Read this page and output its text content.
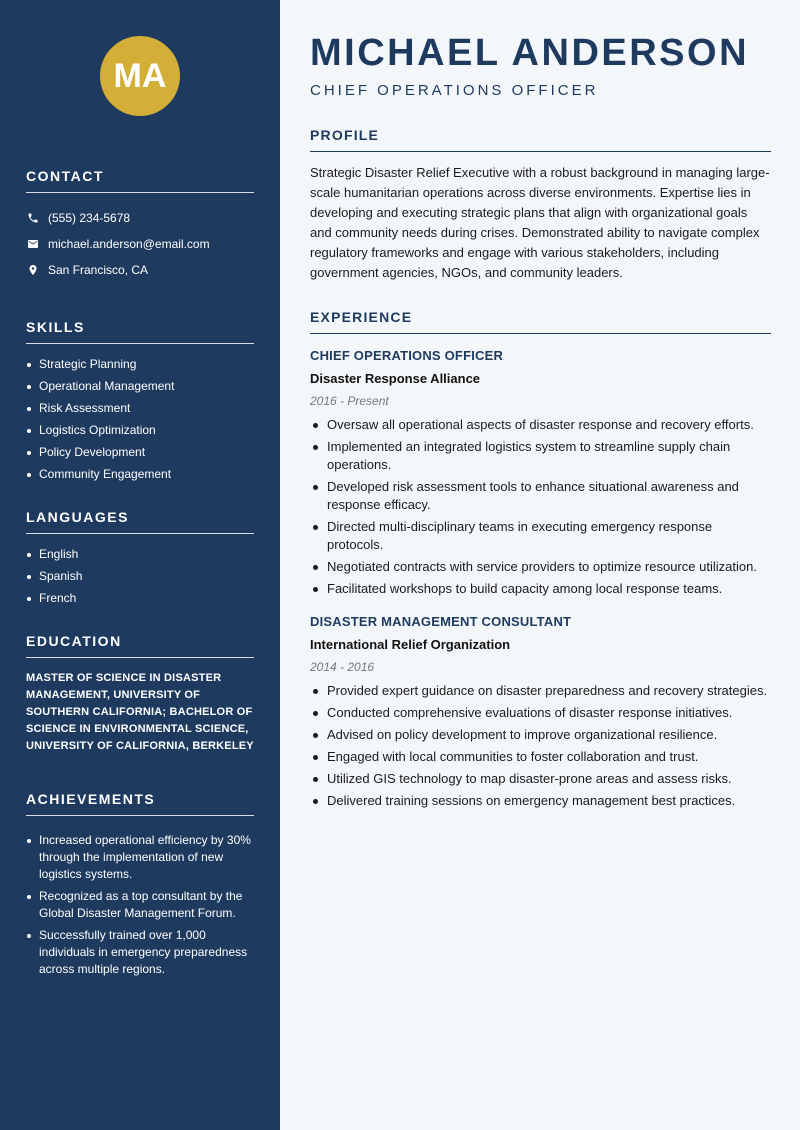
MA
CONTACT
(555) 234-5678
michael.anderson@email.com
San Francisco, CA
SKILLS
Strategic Planning
Operational Management
Risk Assessment
Logistics Optimization
Policy Development
Community Engagement
LANGUAGES
English
Spanish
French
EDUCATION
MASTER OF SCIENCE IN DISASTER MANAGEMENT, UNIVERSITY OF SOUTHERN CALIFORNIA; BACHELOR OF SCIENCE IN ENVIRONMENTAL SCIENCE, UNIVERSITY OF CALIFORNIA, BERKELEY
ACHIEVEMENTS
Increased operational efficiency by 30% through the implementation of new logistics systems.
Recognized as a top consultant by the Global Disaster Management Forum.
Successfully trained over 1,000 individuals in emergency preparedness across multiple regions.
MICHAEL ANDERSON
CHIEF OPERATIONS OFFICER
PROFILE

Strategic Disaster Relief Executive with a robust background in managing large-scale humanitarian operations across diverse environments. Expertise lies in developing and executing strategic plans that align with organizational goals and community needs during crises. Demonstrated ability to navigate complex regulatory frameworks and engage with various stakeholders, including government agencies, NGOs, and community leaders.

EXPERIENCE
CHIEF OPERATIONS OFFICER
Disaster Response Alliance
2016 - Present
Oversaw all operational aspects of disaster response and recovery efforts.
Implemented an integrated logistics system to streamline supply chain operations.
Developed risk assessment tools to enhance situational awareness and response efficacy.
Directed multi-disciplinary teams in executing emergency response protocols.
Negotiated contracts with service providers to optimize resource utilization.
Facilitated workshops to build capacity among local response teams.
DISASTER MANAGEMENT CONSULTANT
International Relief Organization
2014 - 2016
Provided expert guidance on disaster preparedness and recovery strategies.
Conducted comprehensive evaluations of disaster response initiatives.
Advised on policy development to improve organizational resilience.
Engaged with local communities to foster collaboration and trust.
Utilized GIS technology to map disaster-prone areas and assess risks.
Delivered training sessions on emergency management best practices.
